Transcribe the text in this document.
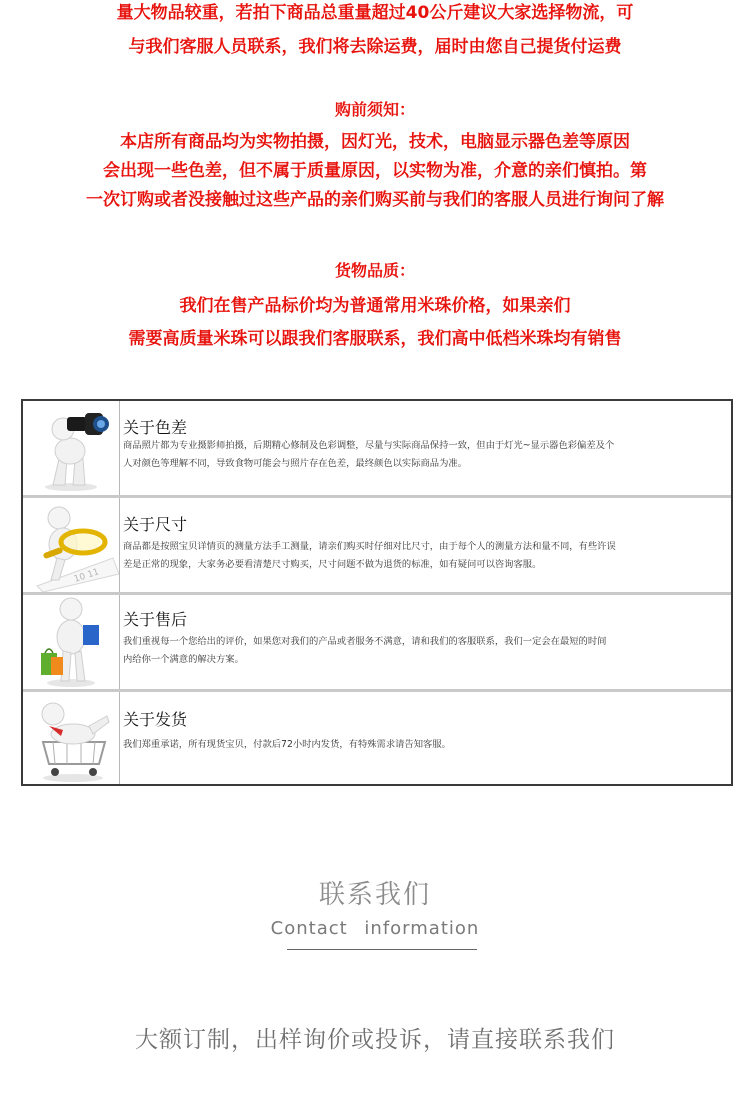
量大物品较重，若拍下商品总重量超过40公斤建议大家选择物流，可
与我们客服人员联系，我们将去除运费，届时由您自己提货付运费
购前须知：
本店所有商品均为实物拍摄，因灯光，技术，电脑显示器色差等原因
会出现一些色差，但不属于质量原因，以实物为准，介意的亲们慎拍。第
一次订购或者没接触过这些产品的亲们购买前与我们的客服人员进行询问了解
货物品质：
我们在售产品标价均为普通常用米珠价格，如果亲们
需要高质量米珠可以跟我们客服联系，我们高中低档米珠均有销售
关于色差
商品照片都为专业摄影师拍摄，后期精心修制及色彩调整，尽量与实际商品保持一致，但由于灯光~显示器色彩偏差及个
人对颜色等理解不同，导致食物可能会与照片存在色差，最终颜色以实际商品为准。
10 11
关于尺寸
商品都是按照宝贝详情页的测量方法手工测量，请亲们购买时仔细对比尺寸，由于每个人的测量方法和量不同，有些许误
差是正常的现象，大家务必要看清楚尺寸购买，尺寸问题不做为退货的标准，如有疑问可以咨询客服。
关于售后
我们重视每一个您给出的评价，如果您对我们的产品或者服务不满意，请和我们的客服联系，我们一定会在最短的时间
内给你一个满意的解决方案。
关于发货
我们郑重承诺，所有现货宝贝，付款后72小时内发货，有特殊需求请告知客服。
联系我们
Contact information
大额订制，出样询价或投诉，请直接联系我们
